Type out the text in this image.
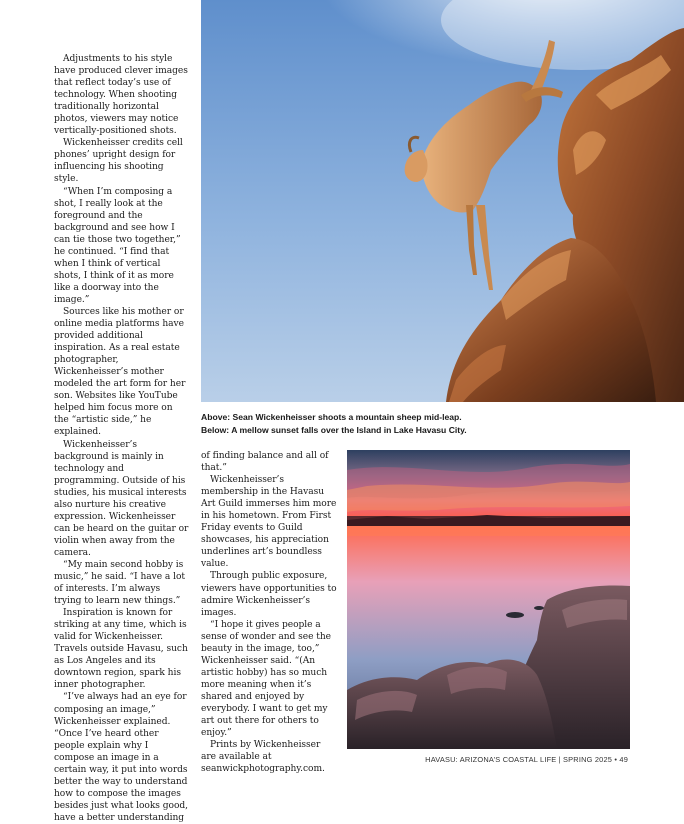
Adjustments to his style have produced clever images that reflect today’s use of technology. When shooting traditionally horizontal photos, viewers may notice vertically-positioned shots.

Wickenheisser credits cell phones’ upright design for influencing his shooting style.

“When I’m composing a shot, I really look at the foreground and the background and see how I can tie those two together,” he continued. “I find that when I think of vertical shots, I think of it as more like a doorway into the image.”

Sources like his mother or online media platforms have provided additional inspiration. As a real estate photographer, Wickenheisser’s mother modeled the art form for her son. Websites like YouTube helped him focus more on the “artistic side,” he explained.

Wickenheisser’s background is mainly in technology and programming. Outside of his studies, his musical interests also nurture his creative expression. Wickenheisser can be heard on the guitar or violin when away from the camera.

“My main second hobby is music,” he said. “I have a lot of interests. I’m always trying to learn new things.”

Inspiration is known for striking at any time, which is valid for Wickenheisser. Travels outside Havasu, such as Los Angeles and its downtown region, spark his inner photographer.

“I’ve always had an eye for composing an image,” Wickenheisser explained. “Once I’ve heard other people explain why I compose an image in a certain way, it put into words better the way to understand how to compose the images besides just what looks good, have a better understanding

Above: Sean Wickenheisser shoots a mountain sheep mid-leap.
Below: A mellow sunset falls over the Island in Lake Havasu City.

of finding balance and all of that.”

Wickenheisser’s membership in the Havasu Art Guild immerses him more in his hometown. From First Friday events to Guild showcases, his appreciation underlines art’s boundless value.

Through public exposure, viewers have opportunities to admire Wickenheisser’s images.

“I hope it gives people a sense of wonder and see the beauty in the image, too,” Wickenheisser said. “(An artistic hobby) has so much more meaning when it’s shared and enjoyed by everybody. I want to get my art out there for others to enjoy.”

Prints by Wickenheisser are available at seanwickphotography.com.

HAVASU: ARIZONA’S COASTAL LIFE | SPRING 2025 • 49
